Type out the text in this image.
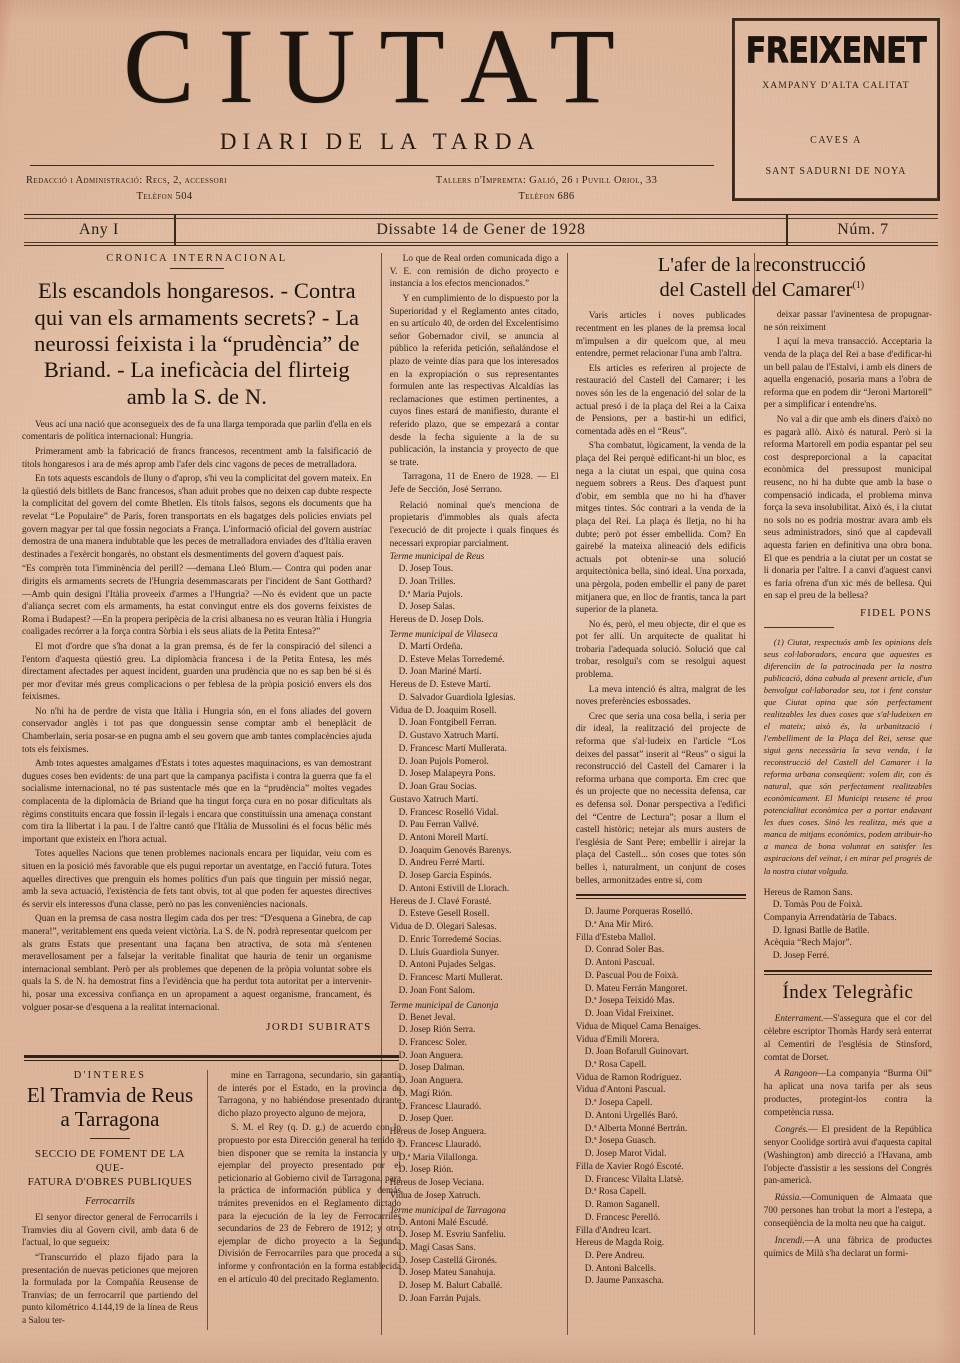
CIUTAT
DIARI DE LA TARDA
Redacció i Administració: Recs, 2, accessori
Telèfon 504
Tallers d'Impremta: Galió, 26 i Puvill Oriol, 33
Telèfon 686
FREIXENET
XAMPANY D'ALTA CALITAT
CAVES A
SANT SADURNI DE NOYA
Any I	Dissabte 14 de Gener de 1928	Núm. 7
CRONICA INTERNACIONAL
Els escandols hongaresos. - Contra qui van els armaments secrets? - La neurossi feixista i la “prudència” de Briand. - La ineficàcia del flirteig amb la S. de N.

Veus ací una nació que aconsegueix des de fa una llarga temporada que parlin d'ella en els comentaris de política internacional: Hungria.

Primerament amb la fabricació de francs francesos, recentment amb la falsificació de títols hongaresos i ara de més aprop amb l'afer dels cinc vagons de peces de metralladora.

En tots aquests escandols de lluny o d'aprop, s'hi veu la complicitat del govern mateix. En la qüestió dels bitllets de Banc francesos, s'han aduit probes que no deixen cap dubte respecte la complicitat del govern del comte Bhetlen. Els títols falsos, segons els documents que ha revelat “Le Populaire” de París, foren transportats en els bagatges dels policies enviats pel govern magyar per tal que fossin negociats a França. L'informació oficial del govern austríac demostra de una manera indubtable que les peces de metralladora enviades des d'Itàlia eraven destinades a l'exèrcit hongarès, no obstant els desmentiments del govern d'aquest país.

“Es comprèn tota l'imminència del perill? —demana Lleó Blum.— Contra qui poden anar dirigits els armaments secrets de l'Hungria desemmascarats per l'incident de Sant Gotthard? —Amb quin designi l'Itàlia proveeix d'armes a l'Hungria? —No és evident que un pacte d'aliança secret com els armaments, ha estat convingut entre els dos governs feixistes de Roma i Budapest? —En la propera peripècia de la crisi albanesa no es veuran Itàlia i Hungria coaligades recórrer a la força contra Sòrbia i els seus aliats de la Petita Entesa?”

El mot d'ordre que s'ha donat a la gran premsa, és de fer la conspiració del silenci a l'entorn d'aquesta qüestió greu. La diplomàcia francesa i de la Petita Entesa, les més directament afectades per aquest incident, guarden una prudència que no es sap ben bé si és per mor d'evitar més greus complicacions o per feblesa de la pròpia posició envers els dos feixismes.

No n'hi ha de perdre de vista que Itàlia i Hungria són, en el fons aliades del govern conservador anglès i tot pas que donguessin sense comptar amb el beneplàcit de Chamberlain, seria posar-se en pugna amb el seu govern que amb tantes complacències ajuda tots els feixismes.

Amb totes aquestes amalgames d'Estats i totes aquestes maquinacions, es van demostrant dugues coses ben evidents: de una part que la campanya pacifista i contra la guerra que fa el socialisme internacional, no té pas sustentacle més que en la “prudència” moltes vegades complacenta de la diplomàcia de Briand que ha tingut força cura en no posar dificultats als règims constituits encara que fossin il·legals i encara que constituïssin una amenaça constant com tira la llibertat i la pau. I de l'altre cantó que l'Itàlia de Mussolini és el focus bèlic més important que existeix en l'hora actual.

Totes aquelles Nacions que tenen problemes nacionals encara per liquidar, veiu com es situen en la posició més favorable que els pugui reportar un aventatge, en l'acció futura. Totes aquelles directives que prenguin els homes polítics d'un país que tinguin per missió negar, amb la seva actuació, l'existència de fets tant obvis, tot al que poden fer aquestes directives és servir els interessos d'una classe, però no pas les conveniències nacionals.

Quan en la premsa de casa nostra llegim cada dos per tres: “D'esquena a Ginebra, de cap manera!”, veritablement ens queda veient victòria. La S. de N. podrà representar quelcom per als grans Estats que presentant una façana ben atractiva, de sota mà s'entenen meravellosament per a falsejar la veritable finalitat que hauria de tenir un organisme internacional semblant. Però per als problemes que depenen de la pròpia voluntat sobre els quals la S. de N. ha demostrat fins a l'evidència que ha perdut tota autoritat per a intervenir-hi, posar una excessiva confiança en un apropament a aquest organisme, francament, és volguer posar-se d'esquena a la realitat internacional.

JORDI SUBIRATS

Lo que de Real orden comunicada digo a V. E. con remisión de dicho proyecto e instancia a los efectos mencionados.”

Y en cumplimiento de lo dispuesto por la Superioridad y el Reglamento antes citado, en su artículo 40, de orden del Excelentísimo señor Gobernador civil, se anuncia al público la referida petición, señalándose el plazo de veinte días para que los interesados en la expropiación o sus representantes formulen ante las respectivas Alcaldías las reclamaciones que estimen pertinentes, a cuyos fines estará de manifiesto, durante el referido plazo, que se empezará a contar desde la fecha siguiente a la de su publicación, la instancia y proyecto de que se trate.

Tarragona, 11 de Enero de 1928. — El Jefe de Sección, José Serrano.

Relació nominal que's menciona de propietaris d'immobles als quals afecta l'execució de dit projecte i quals finques és necessari expropiar parcialment.

Terme municipal de Reus
D. Josep Tous.
D. Joan Trilles.
D.ª Maria Pujols.
D. Josep Salas.
Hereus de D. Josep Dols.
Terme municipal de Vilaseca
D. Martí Ordeña.
D. Esteve Melas Torredemé.
D. Joan Mariné Martí.
Hereus de D. Esteve Martí.
D. Salvador Guardiola Iglesias.
Vidua de D. Joaquim Rosell.
D. Joan Fontgibell Ferran.
D. Gustavo Xatruch Martí.
D. Francesc Martí Mullerata.
D. Joan Pujols Pomerol.
D. Josep Malapeyra Pons.
D. Joan Grau Socias.
Gustavo Xatruch Martí.
D. Francesc Roselló Vidal.
D. Pau Ferran Vallvé.
D. Antoni Morell Martí.
D. Joaquim Genovés Barenys.
D. Andreu Ferré Martí.
D. Josep Garcia Espinós.
D. Antoni Estivill de Llorach.
Hereus de J. Clavé Forasté.
D. Esteve Gesell Rosell.
Vidua de D. Olegari Salesas.
D. Enric Torredemé Socias.
D. Lluís Guardiola Sunyer.
D. Antoni Pujades Selgas.
D. Francesc Martí Mullerat.
D. Joan Font Salom.
Terme municipal de Canonja
D. Benet Jeval.
D. Josep Rión Serra.
D. Francesc Soler.
D. Joan Anguera.
D. Josep Dalman.
D. Joan Anguera.
D. Magí Rión.
D. Francesc Llauradó.
D. Josep Quer.
Hereus de Josep Anguera.
D. Francesc Llauradó.
D.ª Maria Vilallonga.
D. Josep Rión.
Hereus de Josep Veciana.
Vidua de Josep Xatruch.
Terme municipal de Tarragona
D. Antoni Malé Escudé.
D. Josep M. Esvriu Sanfeliu.
D. Magí Casas Sans.
D. Josep Castellá Gironés.
D. Josep Mateu Sanahuja.
D. Josep M. Balurt Caballé.
D. Joan Farrán Pujals.
L'afer de la reconstrucció
del Castell del Camarer$^{(1)}$

Varis articles i noves publicades recentment en les planes de la premsa local m'impulsen a dir quelcom que, al meu entendre, permet relacionar l'una amb l'altra.

Els articles es referiren al projecte de restauració del Castell del Camarer; i les noves són les de la engenació del solar de la actual presó i de la plaça del Rei a la Caixa de Pensions, per a bastir-hi un edifici, comentada adès en el “Reus”.

S'ha combatut, lògicament, la venda de la plaça del Rei perquè edificant-hi un bloc, es nega a la ciutat un espai, que quina cosa neguem sobrers a Reus. Des d'aquest punt d'obir, em sembla que no hi ha d'haver mitges tintes. Sóc contrari a la venda de la plaça del Rei. La plaça és lletja, no hi ha dubte; però pot ésser embellida. Com? En gairebé la mateixa alineació dels edificis actuals pot obtenir-se una solució arquitectònica bella, sinó ideal. Una porxada, una pèrgola, poden embellir el pany de paret mitjanera que, en lloc de frantis, tanca la part superior de la planeta.

No és, però, el meu objecte, dir el que es pot fer allí. Un arquitecte de qualitat hi trobaria l'adequada solució. Solució que cal trobar, resolgui's com se resolgui aquest problema.

La meva intenció és altra, malgrat de les noves preferències esbossades.

Crec que seria una cosa bella, i seria per dir ideal, la realització del projecte de reforma que s'al·ludeix en l'article “Los deixes del passat” inserit al “Reus” o sigui la reconstrucció del Castell del Camarer i la reforma urbana que comporta. Em crec que és un projecte que no necessita defensa, car es defensa sol. Donar perspectiva a l'edifici del “Centre de Lectura”; posar a llum el castell històric; netejar als murs austers de l'església de Sant Pere; embellir i airejar la plaça del Castell... són coses que totes són belles i, naturalment, un conjunt de coses belles, armonitzades entre si, com

D. Jaume Porqueras Roselló.
D.ª Ana Mir Miró.
Filla d'Esteba Mallol.
D. Conrad Soler Bas.
D. Antoni Pascual.
D. Pascual Pou de Foixà.
D. Mateu Ferrán Mangoret.
D.ª Josepa Teixidó Mas.
D. Joan Vidal Freixinet.
Vidua de Miquel Cama Benaiges.
Vidua d'Emili Morera.
D. Joan Bofarull Guinovart.
D.ª Rosa Capell.
Vidua de Ramon Rodríguez.
Vidua d'Antoni Pascual.
D.ª Josepa Capell.
D. Antoni Urgellés Baró.
D.ª Alberta Monné Bertrán.
D.ª Josepa Guasch.
D. Josep Marot Vidal.
Filla de Xavier Rogó Escoté.
D. Francesc Vilalta Llatsè.
D.ª Rosa Capell.
D. Ramon Saganell.
D. Francesc Perelló.
Filla d'Andreu Icart.
Hereus de Magda Roig.
D. Pere Andreu.
D. Antoni Balcells.
D. Jaume Panxascha.

deixar passar l'avinentesa de propugnar-ne són reiximent

I açuí la meva transacció. Acceptaria la venda de la plaça del Rei a base d'edificar-hi un bell palau de l'Estalvi, i amb els diners de aquella engenació, posaria mans a l'obra de reforma que en podem dir “Jeroni Martorell” per a simplificar i entendre'ns.

No val a dir que amb els diners d'això no es pagarà allò. Això és natural. Però si la reforma Martorell em podia espantar pel seu cost despreporcional a la capacitat econòmica del pressupost municipal reusenc, no hi ha dubte que amb la base o compensació indicada, el problema minva força la seva insolubilitat. Això és, i la ciutat no sols no es podria mostrar avara amb els seus administradors, sinó que al capdevall aquesta farien en definitiva una obra bona. El que es pendria a la ciutat per un costat se li donaria per l'altre. I a canvi d'aquest canvi es faria ofrena d'un xic més de bellesa. Qui en sap el preu de la bellesa?

FIDEL PONS

(1) Ciutat, respectuós amb les opinions dels seus col·laboradors, encara que aquestes es diferencïin de la patrocinada per la nostra publicació, dóna cabuda al present article, d'un benvolgut col·laborador seu, tot i fent constar que Ciutat opina que són perfectament realitzables les dues coses que s'al·ludeixen en el mateix; això és, la urbanització i l'embelliment de la Plaça del Rei, sense que sigui gens necessària la seva venda, i la reconstrucció del Castell del Camarer i la reforma urbana conseqüent: volem dir, con és natural, que són perfectament realitzables econòmicament. El Municipi reusenc té prou potencialitat econòmica per a portar endavant les dues coses. Sinó les realitza, més que a manca de mitjans econòmics, podem atribuir-ho a manca de bona voluntat en satisfer les aspiracions del veïnat, i en mirar pel progrés de la nostra ciutat volguda.

Hereus de Ramon Sans.
D. Tomàs Pou de Foixà.
Companyia Arrendatària de Tabacs.
D. Ignasi Batlle de Batlle.
Acèquia “Rech Major”.
D. Josep Ferré.
Índex Telegràfic

Enterrament.—S'assegura que el cor del cèlebre escriptor Thomàs Hardy serà enterrat al Cementiri de l'església de Stinsford, comtat de Dorset.

A Rangoon—La companyia “Burma Oil” ha aplicat una nova tarifa per als seus productes, protegint-los contra la competència russa.

Congrés.— El president de la República senyor Coolidge sortirà avui d'aquesta capital (Washington) amb direcció a l'Havana, amb l'objecte d'assistir a les sessions del Congrés pan-americà.

Rússia.—Comuniquen de Almaata que 700 persones han trobat la mort a l'estepa, a conseqüència de la molta neu que ha caigut.

Incendi.—A una fàbrica de productes químics de Milà s'ha declarat un formi-

D'INTERES
El Tramvia de Reus
a Tarragona
SECCIO DE FOMENT DE LA QUE-
FATURA D'OBRES PUBLIQUES
Ferrocarrils

El senyor director general de Ferrocarrils i Tramvies diu al Govern civil, amb data 6 de l'actual, lo que segueix:

“Transcurrido el plazo fijado para la presentación de nuevas peticiones que mejoren la formulada por la Compañía Reusense de Tranvías; de un ferrocarril que partiendo del punto kilométrico 4.144,19 de la línea de Reus a Salou ter-

mine en Tarragona, secundario, sin garantía de interés por el Estado, en la provincia de Tarragona, y no habiéndose presentado durante dicho plazo proyecto alguno de mejora,

S. M. el Rey (q. D. g.) de acuerdo con lo propuesto por esta Dirección general ha tenido a bien disponer que se remita la instancia y un ejemplar del proyecto presentado por el peticionario al Gobierno civil de Tarragona, para la práctica de información pública y demás trámites prevenidos en el Reglamento dictado para la ejecución de la ley de Ferrocarriles secundarios de 23 de Febrero de 1912; y otro ejemplar de dicho proyecto a la Segunda División de Ferrocarriles para que proceda a su informe y confrontación en la forma establecida en el artículo 40 del precitado Reglamento.
